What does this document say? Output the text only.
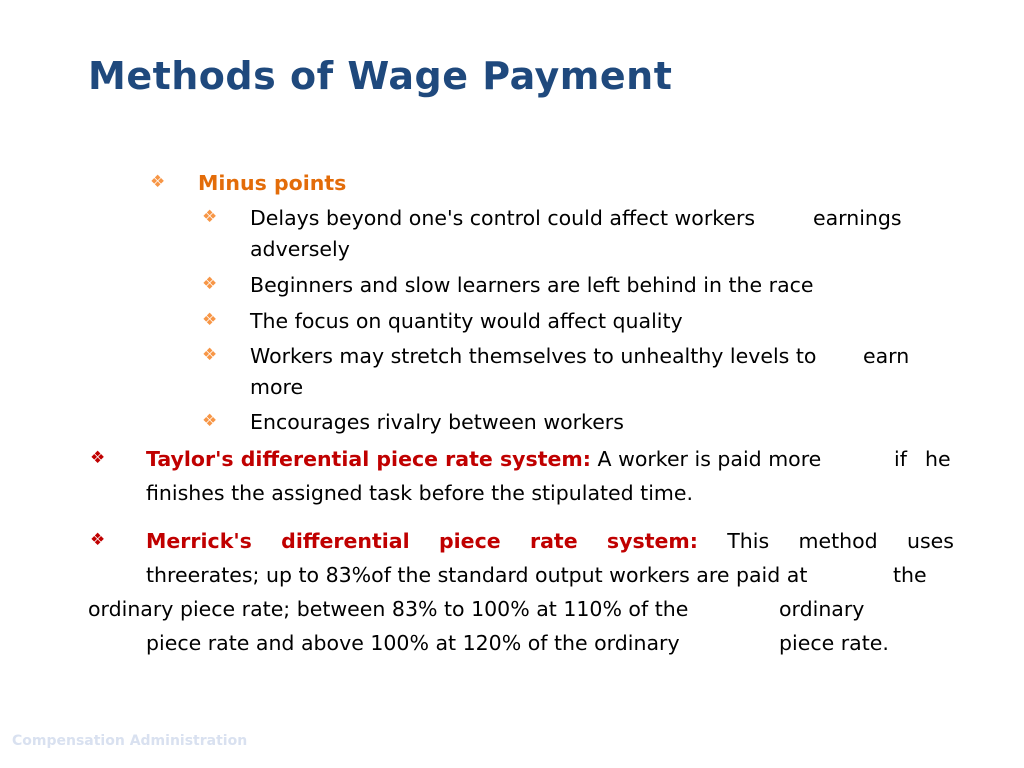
Methods of Wage Payment
❖ Minus points
❖ Delays beyond one's control could affect workers	earnings
adversely
❖ Beginners and slow learners are left behind in the race
❖ The focus on quantity would affect quality
❖ Workers may stretch themselves to unhealthy levels to earn
more
❖ Encourages rivalry between workers
❖ Taylor's differential piece rate system: A worker is paid more	if he
finishes the assigned task before the stipulated time.
❖ Merrick's differential piece rate system: This method uses
threerates; up to 83%of the standard output workers are paid at	the
ordinary piece rate; between 83% to 100% at 110% of the	ordinary
piece rate and above 100% at 120% of the ordinary	piece rate.
Compensation Administration
